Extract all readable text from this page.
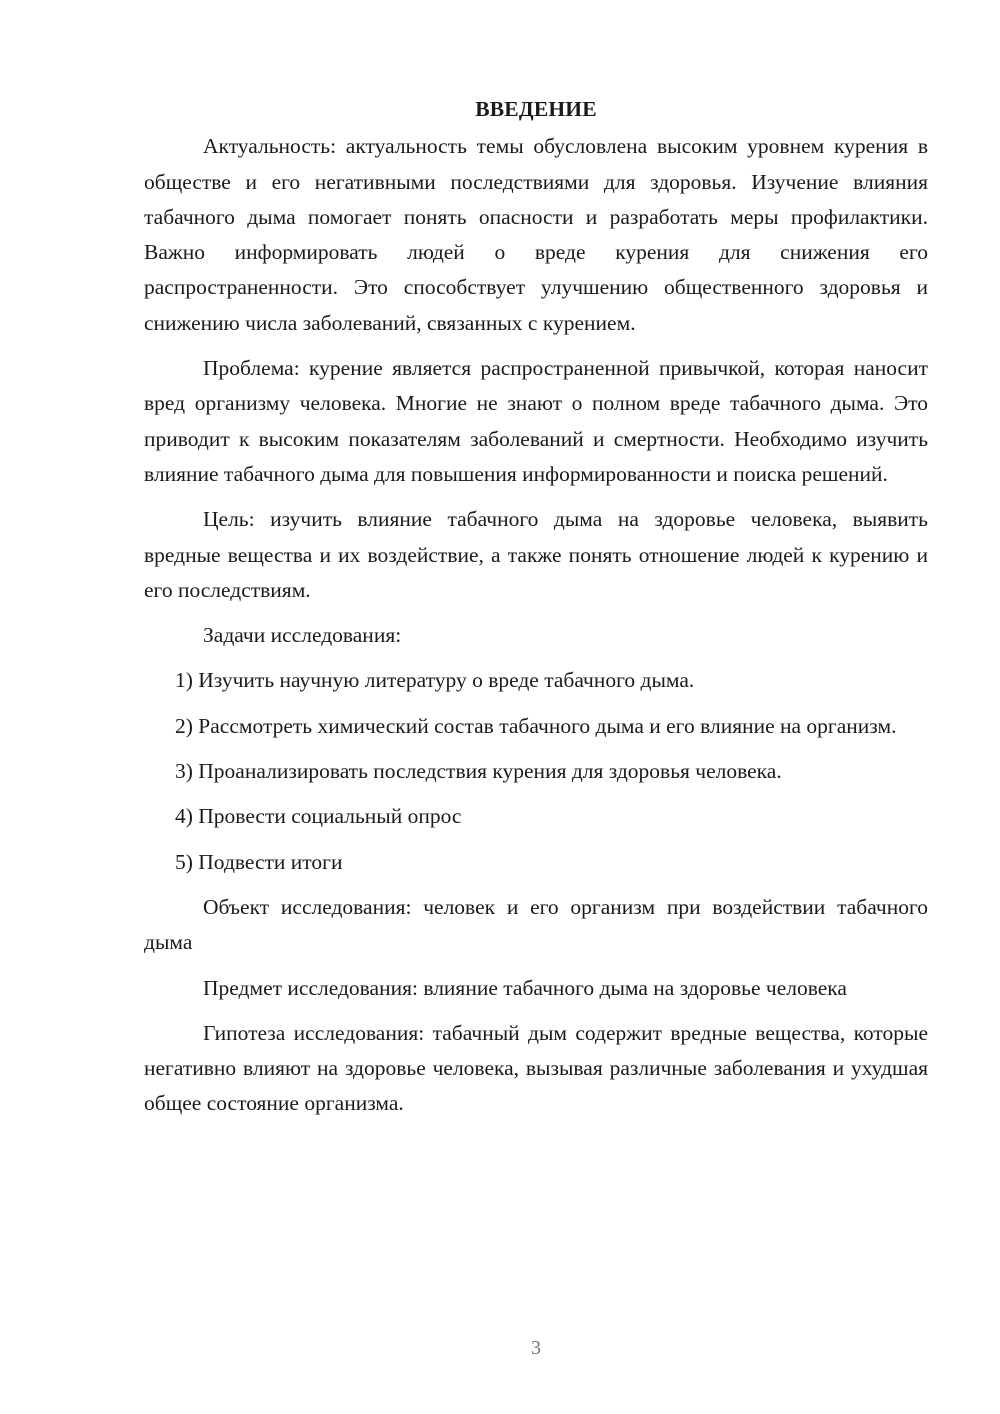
ВВЕДЕНИЕ

Актуальность: актуальность темы обусловлена высоким уровнем курения в обществе и его негативными последствиями для здоровья. Изучение влияния табачного дыма помогает понять опасности и разработать меры профилактики. Важно информировать людей о вреде курения для снижения его распространенности. Это способствует улучшению общественного здоровья и снижению числа заболеваний, связанных с курением.

Проблема: курение является распространенной привычкой, которая наносит вред организму человека. Многие не знают о полном вреде табачного дыма. Это приводит к высоким показателям заболеваний и смертности. Необходимо изучить влияние табачного дыма для повышения информированности и поиска решений.

Цель: изучить влияние табачного дыма на здоровье человека, выявить вредные вещества и их воздействие, а также понять отношение людей к курению и его последствиям.

Задачи исследования:

1) Изучить научную литературу о вреде табачного дыма.

2) Рассмотреть химический состав табачного дыма и его влияние на организм.

3) Проанализировать последствия курения для здоровья человека.

4) Провести социальный опрос

5) Подвести итоги

Объект исследования: человек и его организм при воздействии табачного дыма

Предмет исследования: влияние табачного дыма на здоровье человека

Гипотеза исследования: табачный дым содержит вредные вещества, которые негативно влияют на здоровье человека, вызывая различные заболевания и ухудшая общее состояние организма.

3
